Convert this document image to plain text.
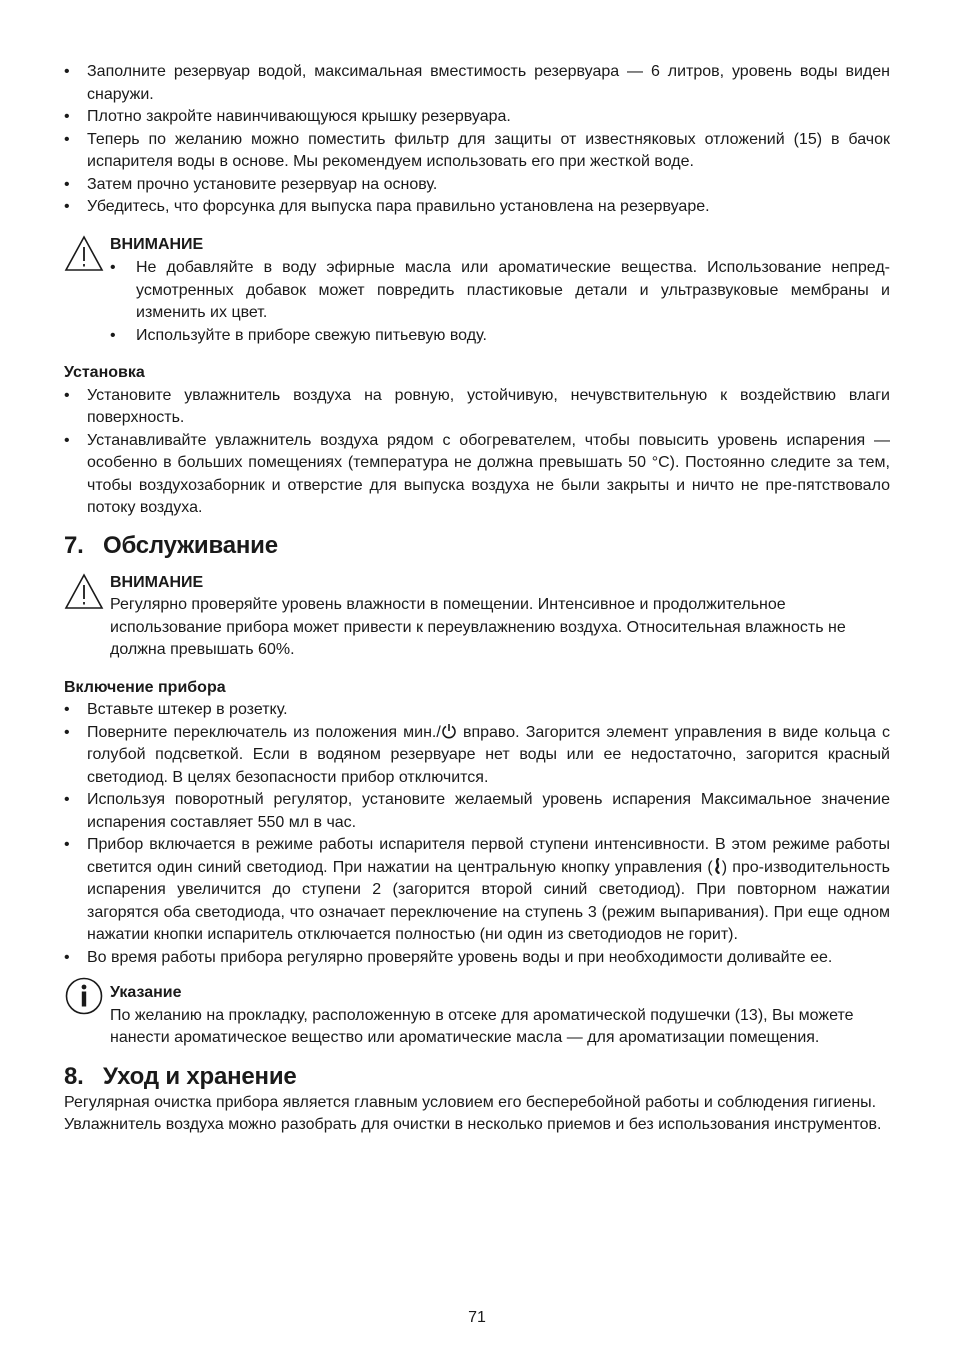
• Заполните резервуар водой, максимальная вместимость резервуара — 6 литров, уровень воды виден снаружи.
• Плотно закройте навинчивающуюся крышку резервуара.
• Теперь по желанию можно поместить фильтр для защиты от известняковых отложений (15) в бачок испарителя воды в основе. Мы рекомендуем использовать его при жесткой воде.
• Затем прочно установите резервуар на основу.
• Убедитесь, что форсунка для выпуска пара правильно установлена на резервуаре.
ВНИМАНИЕ
• Не добавляйте в воду эфирные масла или ароматические вещества. Использование непред-усмотренных добавок может повредить пластиковые детали и ультразвуковые мембраны и изменить их цвет.
• Используйте в приборе свежую питьевую воду.
Установка
• Установите увлажнитель воздуха на ровную, устойчивую, нечувствительную к воздействию влаги поверхность.
• Устанавливайте увлажнитель воздуха рядом с обогревателем, чтобы повысить уровень испарения — особенно в больших помещениях (температура не должна превышать 50 °C). Постоянно следите за тем, чтобы воздухозаборник и отверстие для выпуска воздуха не были закрыты и ничто не пре-пятствовало потоку воздуха.
7. Обслуживание
ВНИМАНИЕ

Регулярно проверяйте уровень влажности в помещении. Интенсивное и продолжительное использование прибора может привести к переувлажнению воздуха. Относительная влажность не должна превышать 60%.

Включение прибора
• Вставьте штекер в розетку.
• Поверните переключатель из положения мин./ вправо. Загорится элемент управления в виде кольца с голубой подсветкой. Если в водяном резервуаре нет воды или ее недостаточно, загорится красный светодиод. В целях безопасности прибор отключится.
• Используя поворотный регулятор, установите желаемый уровень испарения Максимальное значение испарения составляет 550 мл в час.
• Прибор включается в режиме работы испарителя первой ступени интенсивности. В этом режиме работы светится один синий светодиод. При нажатии на центральную кнопку управления ( ) про-изводительность испарения увеличится до ступени 2 (загорится второй синий светодиод). При повторном нажатии загорятся оба светодиода, что означает переключение на ступень 3 (режим выпаривания). При еще одном нажатии кнопки испаритель отключается полностью (ни один из светодиодов не горит).
• Во время работы прибора регулярно проверяйте уровень воды и при необходимости доливайте ее.
Указание

По желанию на прокладку, расположенную в отсеке для ароматической подушечки (13), Вы можете нанести ароматическое вещество или ароматические масла — для ароматизации помещения.

8. Уход и хранение

Регулярная очистка прибора является главным условием его бесперебойной работы и соблюдения гигиены.

Увлажнитель воздуха можно разобрать для очистки в несколько приемов и без использования инструментов.

71
